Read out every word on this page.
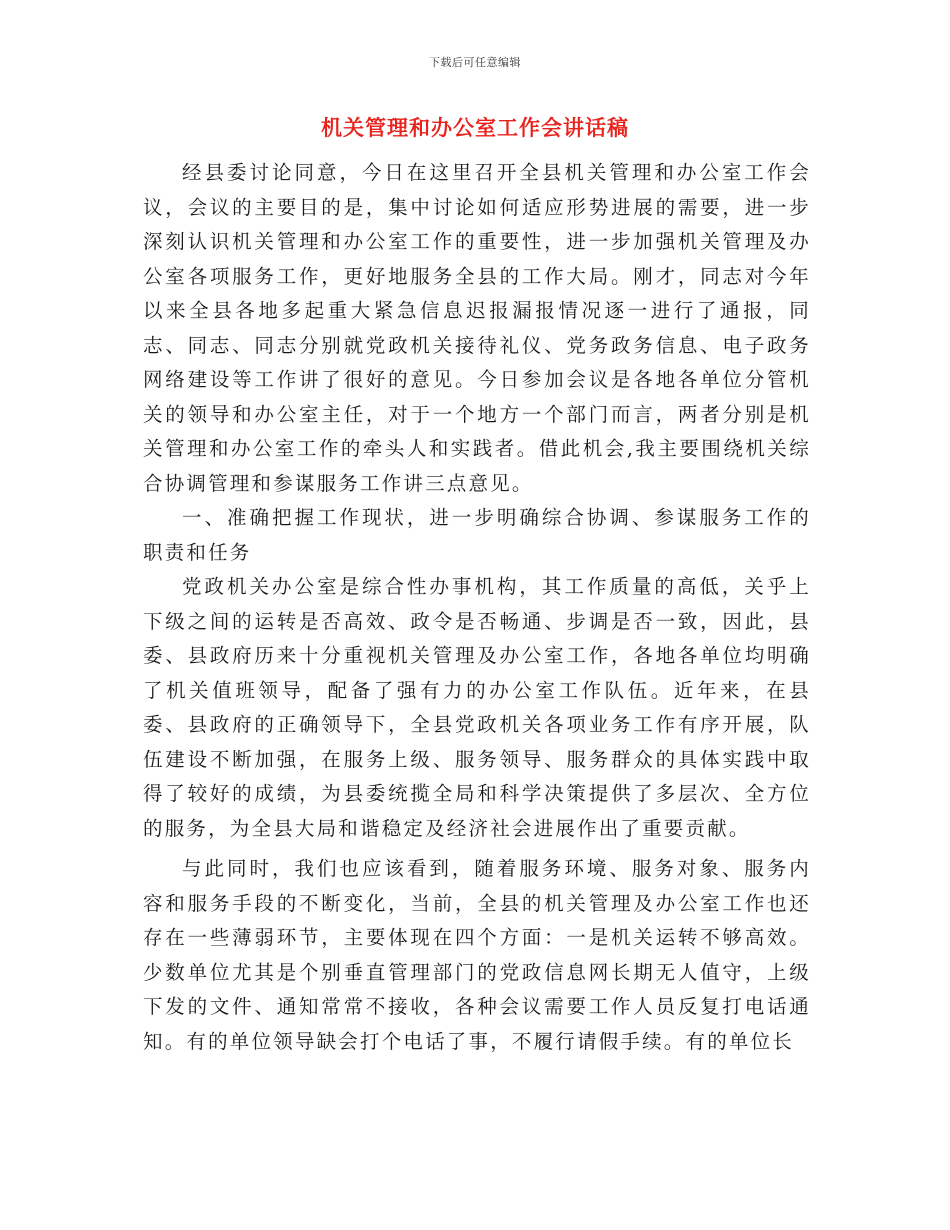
下载后可任意编辑
机关管理和办公室工作会讲话稿

经县委讨论同意，今日在这里召开全县机关管理和办公室工作会议，会议的主要目的是，集中讨论如何适应形势进展的需要，进一步深刻认识机关管理和办公室工作的重要性，进一步加强机关管理及办公室各项服务工作，更好地服务全县的工作大局。刚才，同志对今年以来全县各地多起重大紧急信息迟报漏报情况逐一进行了通报，同志、同志、同志分别就党政机关接待礼仪、党务政务信息、电子政务网络建设等工作讲了很好的意见。今日参加会议是各地各单位分管机关的领导和办公室主任，对于一个地方一个部门而言，两者分别是机关管理和办公室工作的牵头人和实践者。借此机会,我主要围绕机关综合协调管理和参谋服务工作讲三点意见。

一、准确把握工作现状，进一步明确综合协调、参谋服务工作的职责和任务

党政机关办公室是综合性办事机构，其工作质量的高低，关乎上下级之间的运转是否高效、政令是否畅通、步调是否一致，因此，县委、县政府历来十分重视机关管理及办公室工作，各地各单位均明确了机关值班领导，配备了强有力的办公室工作队伍。近年来，在县委、县政府的正确领导下，全县党政机关各项业务工作有序开展，队伍建设不断加强，在服务上级、服务领导、服务群众的具体实践中取得了较好的成绩，为县委统揽全局和科学决策提供了多层次、全方位的服务，为全县大局和谐稳定及经济社会进展作出了重要贡献。

与此同时，我们也应该看到，随着服务环境、服务对象、服务内容和服务手段的不断变化，当前，全县的机关管理及办公室工作也还存在一些薄弱环节，主要体现在四个方面：一是机关运转不够高效。少数单位尤其是个别垂直管理部门的党政信息网长期无人值守，上级下发的文件、通知常常不接收，各种会议需要工作人员反复打电话通知。有的单位领导缺会打个电话了事，不履行请假手续。有的单位长
